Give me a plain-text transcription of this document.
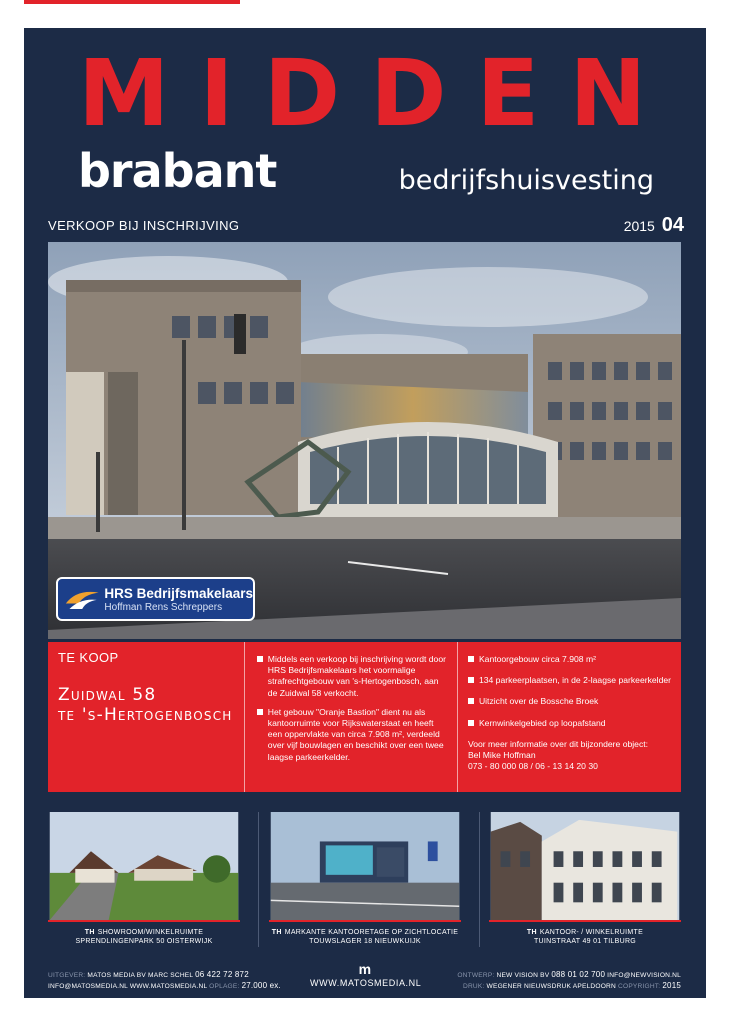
MIDDEN
brabant	bedrijfshuisvesting
VERKOOP BIJ INSCHRIJVING	2015 04
HRS Bedrijfsmakelaars
Hoffman Rens Schreppers
TE KOOP
Zuidwal 58
te 's-Hertogenbosch
Middels een verkoop bij inschrijving wordt door HRS Bedrijfsmakelaars het voormalige strafrechtgebouw van 's-Hertogenbosch, aan de Zuidwal 58 verkocht.
Het gebouw "Oranje Bastion" dient nu als kantoorruimte voor Rijkswaterstaat en heeft een oppervlakte van circa 7.908 m², verdeeld over vijf bouwlagen en beschikt over een twee laagse parkeerkelder.
Kantoorgebouw circa 7.908 m²
134 parkeerplaatsen, in de 2-laagse parkeerkelder
Uitzicht over de Bossche Broek
Kernwinkelgebied op loopafstand
Voor meer informatie over dit bijzondere object:
Bel Mike Hoffman
073 - 80 000 08 / 06 - 13 14 20 30
TH SHOWROOM/WINKELRUIMTE
SPRENDLINGENPARK 50 OISTERWIJK
TH MARKANTE KANTOORETAGE OP ZICHTLOCATIE
TOUWSLAGER 18 NIEUWKUIJK
TH KANTOOR- / WINKELRUIMTE
TUINSTRAAT 49 01 TILBURG
UITGEVER: MATOS MEDIA BV MARC SCHEL 06 422 72 872
INFO@MATOSMEDIA.NL WWW.MATOSMEDIA.NL OPLAGE: 27.000 ex.
m
WWW.MATOSMEDIA.NL
ONTWERP: NEW VISION BV 088 01 02 700 INFO@NEWVISION.NL
DRUK: WEGENER NIEUWSDRUK APELDOORN COPYRIGHT: 2015
